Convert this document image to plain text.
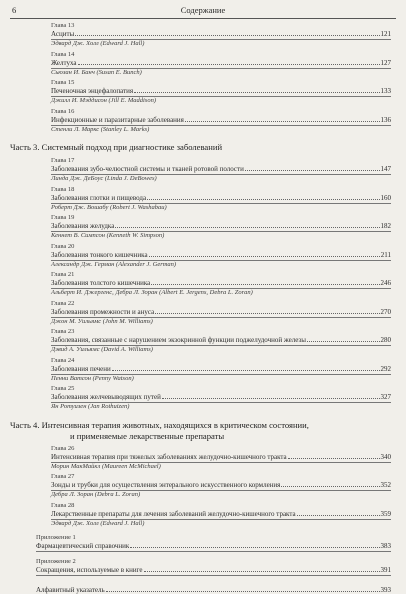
6	Содержание
Глава 13
Асциты	121
Эдвард Дж. Холл (Edward J. Hall)
Глава 14
Желтуха	127
Сьюзан И. Банч (Susan E. Bunch)
Глава 15
Печеночная энцефалопатия	133
Джилл И. Мэддисон (Jill E. Maddison)
Глава 16
Инфекционные и паразитарные заболевания	136
Стенли Л. Маркс (Stanley L. Marks)
Часть 3. Системный подход при диагностике заболеваний
Глава 17
Заболевания зубо-челюстной системы и тканей ротовой полости	147
Линда Дж. ДеБоус (Linda J. DeBowes)
Глава 18
Заболевания глотки и пищевода	160
Роберт Дж. Вошабу (Robert J. Washabau)
Глава 19
Заболевания желудка	182
Кеннет В. Симпсон (Kenneth W. Simpson)
Глава 20
Заболевания тонкого кишечника	211
Александр Дж. Герман (Alexander J. German)
Глава 21
Заболевания толстого кишечника	246
Альберт И. Джергенс, Дебра Л. Зоран (Albert E. Jergens, Debra L. Zoran)
Глава 22
Заболевания промежности и ануса	270
Джон М. Уильямс (John M. Williams)
Глава 23
Заболевания, связанные с нарушением экзокринной функции поджелудочной железы	280
Дэвид А. Уильямс (David A. Williams)
Глава 24
Заболевания печени	292
Пенни Ватсон (Penny Watson)
Глава 25
Заболевания желчевыводящих путей	327
Ян Ротуизен (Jan Rothuizen)
Часть 4. Интенсивная терапия животных, находящихся в критическом состоянии,
и применяемые лекарственные препараты
Глава 26
Интенсивная терапия при тяжелых заболеваниях желудочно-кишечного тракта	340
Морин МакМайкл (Maureen McMichael)
Глава 27
Зонды и трубки для осуществления энтерального искусственного кормления	352
Дебра Л. Зоран (Debra L. Zoran)
Глава 28
Лекарственные препараты для лечения заболеваний желудочно-кишечного тракта	359
Эдвард Дж. Холл (Edward J. Hall)
Приложение 1
Фармацевтический справочник	383
Приложение 2
Сокращения, используемые в книге	391
Алфавитный указатель	393
